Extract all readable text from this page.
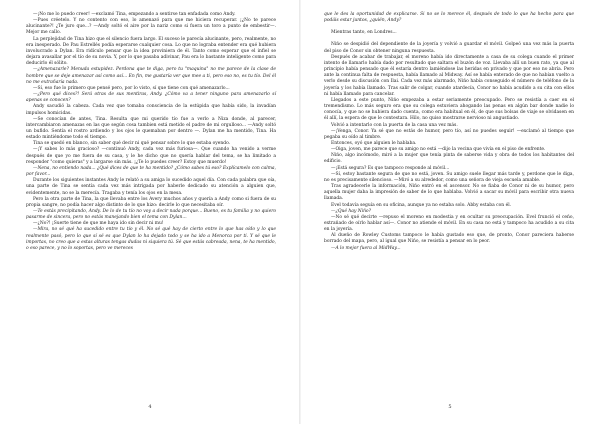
—¡No me lo puedo creer! —exclamó Tina, empezando a sentirse tan enfadada como Andy.

—Pues créetelo. Y no contento con eso, lo amenazó para que me hiciera recuperar. ¡¿No te parece alucinante?! ¿Te juro que...? —Andy soltó el aire por la nariz como si fuera un toro a punto de embestir—. Mejor me callo.

La perplejidad de Tina hizo que el silencio fuera largo. El suceso le parecía alucinante, pero, realmente, no era inesperado. De Pau Estrellés podía esperarse cualquier cosa. Lo que no lograba entender era qué hubiera involucrado a Dylan. Era ridículo pensar que la idea proviniera de él. Tanto como esperar que el infiel se dejara avasallar por el tío de su novia. Y, por lo que pasaba adivinar, Pau era lo bastante inteligente como para deducirlo él sólito.

—¿Amenazarle? Menuda estupidez. Perdona que te diga, pero tu "maquina" no me parece de la clase de hombre que se deje amenazar así como así... En fin, me gustaría ver que mee a ti, pero eso no, es tu tío. Del él no me extrañaría nada.

—Sí, eso fue lo primero que pensé pero, por lo visto, sí que tiene con qué amenazarlo...

—¿Pero qué dices?! Será otras de sus mentiras, Andy. ¿Cómo va a tener ninguno para amenazarlo sí apenas se conocen?

Andy sacudió la cabeza. Cada vez que tomaba consciencia de la estúpida que había sido, la invadían impulsos homicidas.

—Se conocían de antes, Tina. Resulta que mi querido tío fue a verlo a Niza donde, al parecer, intercambiaron amenazas en las que según cosa tambien está metido el padre de mi orgulloso... —Andy soltó un bufido. Sentía el rostro ardiendo y los ojos le quemaban por dentro —. Dylan me ha mentido, Tina. Ha estado mintiéndome todo el tiempo.

Tina se quedó en blanco, sin saber qué decir ni qué pensar sobre lo que estaba oyendo.

—¡Y sabes lo más gracioso? —continuó Andy, cada vez más furiosa—. Que cuando ha venido a verme después de que yo me fuera de su casa, y le he dicho que no quería hablar del tema, se ha limitado a responder "como quieras" y a largarse sin más. ¡¿Te lo puedes creer? Estoy que muerdo!

—Nena, no entiendo nada... ¿Qué dices de que te ha mentido? ¿Cómo sabes tú eso? Explícamelo con calma, por favor...

Durante los siguientes instantes Andy le relató a su amiga lo sucedido aquel día. Con cada palabra que oía, una parte de Tina se sentía cada vez más intrigada por haberle dedicado su atención a alguien que, evidentemente, no se la merecía. Tragaba y tenía los ojos en la mesa.

Pero la otra parte de Tina, la que llevaba entre los Avery muchos años y quería a Andy como si fuera de su propia sangre, no podía hacer algo distinto de lo que hizo: decirle lo que necesitaba oír.

—Te estás precipitando, Andy. De lo de tu tío no voy a decir nada porque... Bueno, es tu familia y no quiero pasarme de sincera, pero no estás manejando bien el tema con Dylan...

—¿No?! ¡Suerte tiene de que me haya ido sin decir ni mu!

—Mira, no sé qué ha sucedido entre tu tío y él. No sé qué hay de cierto entre lo que has oído y lo que realmente pasó, pero lo que sí sé es que Dylan lo ha dejado todo y se ha ido a Menorca por ti. Y sé que le importas, no creo que a estas alturas tengas dudas ni siquiera tú. Sé que estás cabreada, nena, te ha mentido, o eso parece, y no lo soportas, pero ve mereces

4

que le des la oportunidad de explicarse. Si no se lo merece él, después de todo lo que ha hecho para que podáis estar juntos, ¿quién, Andy?

Mientras tanto, en Londres...

Niño se despidió del dependiente de la joyería y volvió a guardar el móvil. Golpeó una vez más la puerta del piso de Conor sin obtener ninguna respuesta.

Después de acabar de trabajar, el moreno había ido directamente a casa de su colega cuando el primer intento de llamarlo había dado por resultado que saltara el buzón de voz. Llevaba allí un buen rato, ya que al principio había pensado que él estaría dentro lamiéndose las heridas en privado y que por eso no abría. Pero ante la continua falta de respuesta, había llamado al Midway. Así se había enterado de que no habían vuelto a verlo desde su discusión con Ilai. Cada vez más alarmado, Niño había conseguido el número de teléfono de la joyería y los había llamado. Tras salir de colgar, cuando atardecía, Conor no había acudido a su cita con ellos ni había llamado para cancelar.

Llegados a este punto, Niño empezaba a estar seriamente preocupado. Pero se resistía a caer en el tremendismo. Lo más seguro era que su colega estuviera ahogando las penas en algún bar donde nadie lo conocía, y que no se hubiera dado cuenta, como era habitual en él, de que sus bolsas de viaje se olvidasen en él allí, la espera de que le contestara. Hilo, no quiso mostrarse nervioso ni angustiado.

Volvió a intentarlo con la puerta de la casa una vez más.

—¡Venga, Conor. Ya sé que no estás de humor, pero tío, así no puedes seguir! —exclamó al tiempo que pegaba su oído al timbre.

Entonces, oyó que alguien le hablaba.

—Oiga, joven, me parece que su amigo no está —dijo la vecina que vivía en el piso de enfrente.

Niño, algo incómodo, miró a la mujer que tenía pinta de saberse vida y obra de todos los habitantes del edificio.

—¡Está segura? Es que tampoco responde al móvil...

—Sí, estoy bastante segura de que no está, joven. Su amigo suele llegar más tarde y, perdone que le diga, no es precisamente silencioso. —Miró a su alrededor, como una señora de vieja escuela amable.

Tras agradecerle la información, Niño entró en el ascensor. No se fiaba de Conor ni de su humor, pero aquella mujer daba la impresión de saber de lo que hablaba. Volvió a sacar su móvil para escribir otra nueva llamada.

Evel todavía seguía en su oficina, aunque ya no estaba solo. Abby estaba con él.

—¿Qué hay Niño?

—No sé qué decirte —repuso el moreno en modestia y en ocultar su preocupación. Evel frunció el ceño, extrañado de oírlo hablar así—. Conor no atiende el móvil. En su casa no está y tampoco ha acudido a su cita en la joyería.

Al dueño de Rowley Customs tampoco le había gustado eso que, de pronto, Conor pareciera haberse borrado del mapa, pero, al igual que Niño, se resistía a pensar en lo peor.

—A lo mejor fuera al MidWay...

5
